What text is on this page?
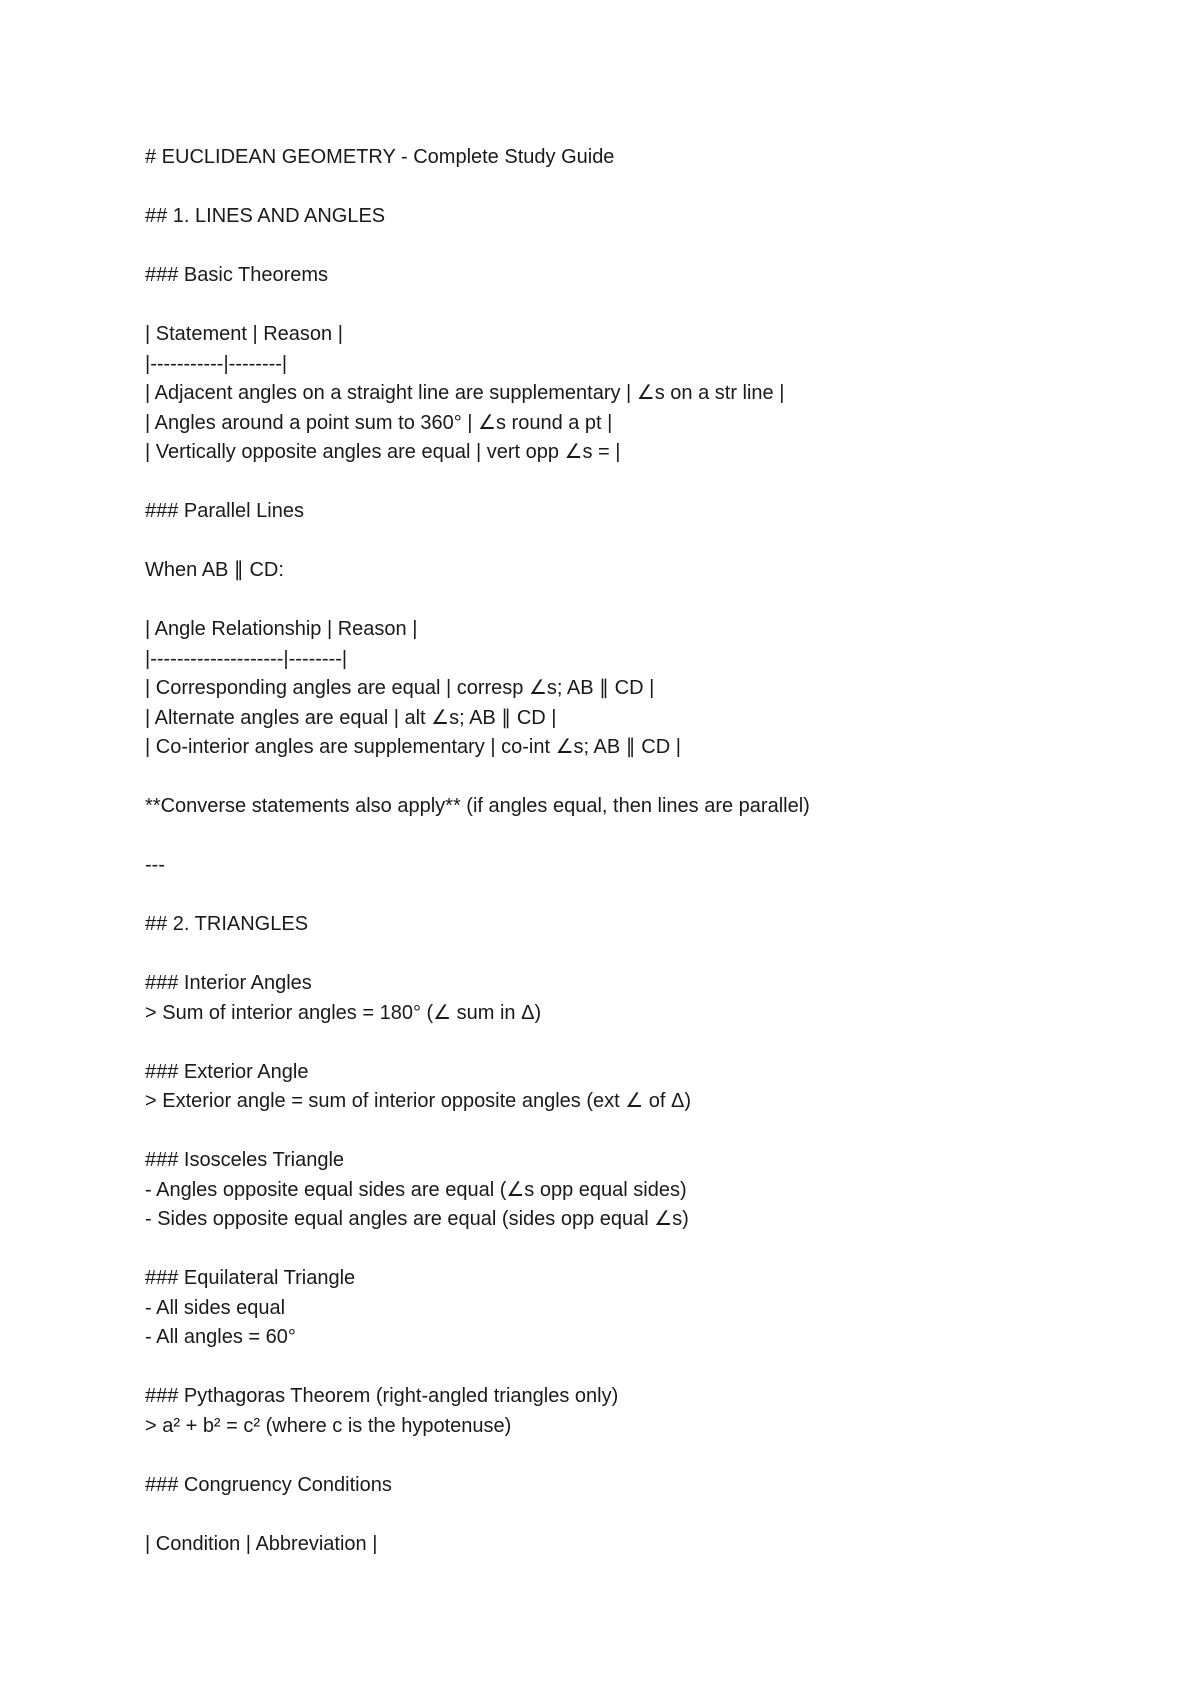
# EUCLIDEAN GEOMETRY - Complete Study Guide
## 1. LINES AND ANGLES
### Basic Theorems
| Statement | Reason |
|-----------|--------|
| Adjacent angles on a straight line are supplementary | ∠s on a str line |
| Angles around a point sum to 360° | ∠s round a pt |
| Vertically opposite angles are equal | vert opp ∠s = |
### Parallel Lines
When AB ∥ CD:
| Angle Relationship | Reason |
|--------------------|--------|
| Corresponding angles are equal | corresp ∠s; AB ∥ CD |
| Alternate angles are equal | alt ∠s; AB ∥ CD |
| Co-interior angles are supplementary | co-int ∠s; AB ∥ CD |
**Converse statements also apply** (if angles equal, then lines are parallel)
---
## 2. TRIANGLES
### Interior Angles
> Sum of interior angles = 180° (∠ sum in Δ)
### Exterior Angle
> Exterior angle = sum of interior opposite angles (ext ∠ of Δ)
### Isosceles Triangle
- Angles opposite equal sides are equal (∠s opp equal sides)
- Sides opposite equal angles are equal (sides opp equal ∠s)
### Equilateral Triangle
- All sides equal
- All angles = 60°
### Pythagoras Theorem (right-angled triangles only)
> a² + b² = c² (where c is the hypotenuse)
### Congruency Conditions
| Condition | Abbreviation |
